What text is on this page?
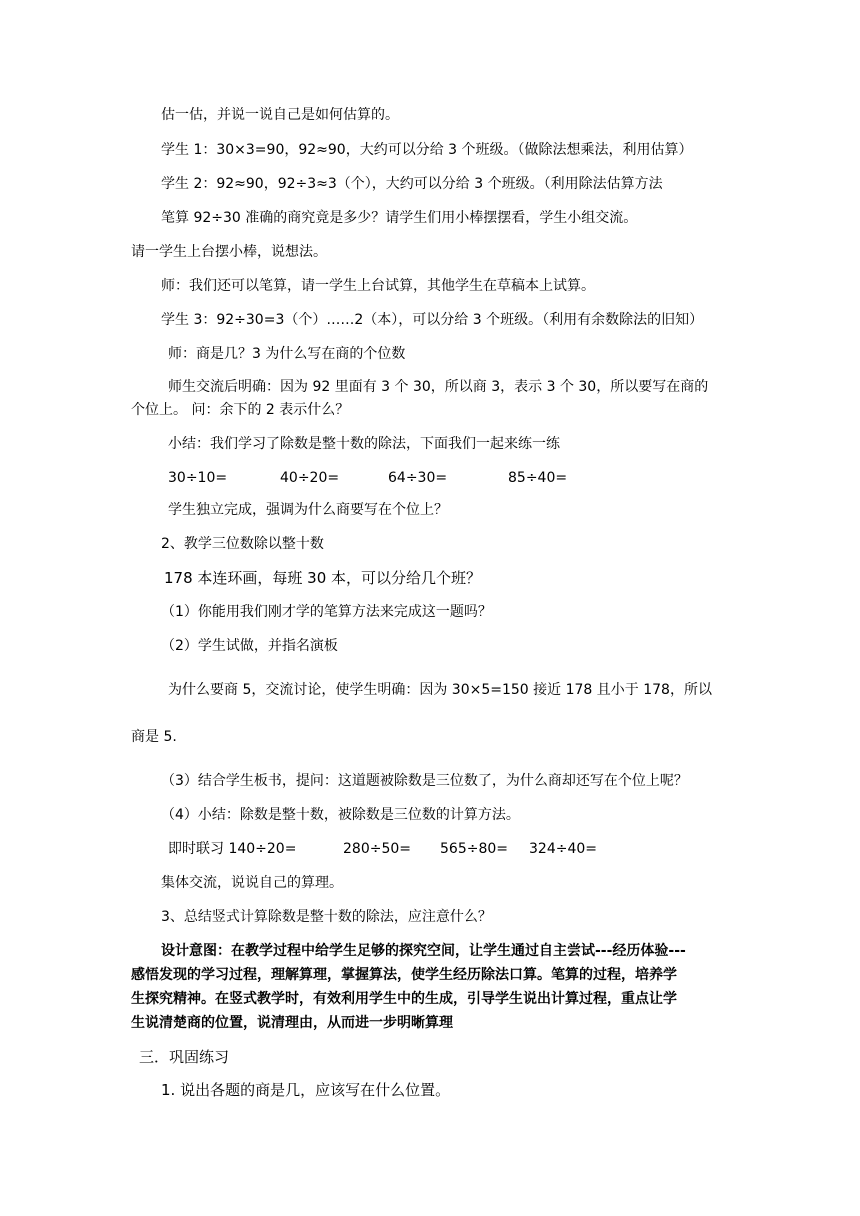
估一估，并说一说自己是如何估算的。
学生 1：30×3=90，92≈90，大约可以分给 3 个班级。（做除法想乘法，利用估算）
学生 2：92≈90，92÷3≈3（个），大约可以分给 3 个班级。（利用除法估算方法
笔算 92÷30 准确的商究竟是多少？请学生们用小棒摆摆看，学生小组交流。
请一学生上台摆小棒，说想法。
师：我们还可以笔算，请一学生上台试算，其他学生在草稿本上试算。
学生 3：92÷30=3（个）……2（本），可以分给 3 个班级。（利用有余数除法的旧知）
师：商是几？3 为什么写在商的个位数
师生交流后明确：因为 92 里面有 3 个 30，所以商 3，表示 3 个 30，所以要写在商的
个位上。 问：余下的 2 表示什么？
小结：我们学习了除数是整十数的除法，下面我们一起来练一练
30÷10=	40÷20=	64÷30=	85÷40=
学生独立完成，强调为什么商要写在个位上？
2、教学三位数除以整十数
178 本连环画，每班 30 本，可以分给几个班？
（1）你能用我们刚才学的笔算方法来完成这一题吗？
（2）学生试做，并指名演板
为什么要商 5，交流讨论，使学生明确：因为 30×5=150 接近 178 且小于 178，所以
商是 5.
（3）结合学生板书，提问：这道题被除数是三位数了，为什么商却还写在个位上呢？
（4）小结：除数是整十数，被除数是三位数的计算方法。
即时联习 140÷20=	280÷50= 565÷80= 324÷40=
集体交流，说说自己的算理。
3、总结竖式计算除数是整十数的除法，应注意什么？
设计意图：在教学过程中给学生足够的探究空间，让学生通过自主尝试---经历体验---
感悟发现的学习过程，理解算理，掌握算法，使学生经历除法口算。笔算的过程，培养学
生探究精神。在竖式教学时，有效利用学生中的生成，引导学生说出计算过程，重点让学
生说清楚商的位置，说清理由，从而进一步明晰算理
三．巩固练习
1. 说出各题的商是几，应该写在什么位置。
